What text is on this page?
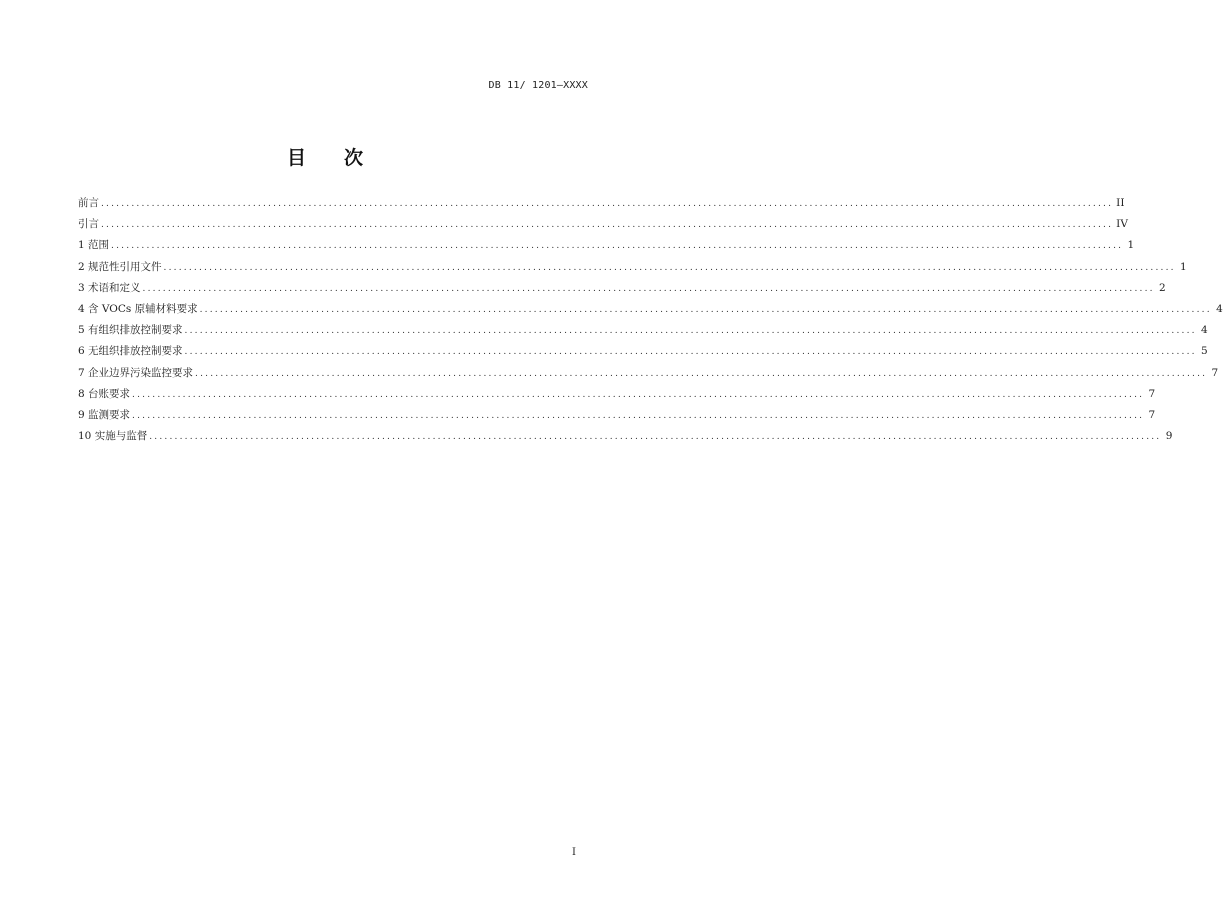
DB 11/ 1201—XXXX
目 次
前言 ........................................................................................................................................................................................................ II
引言 ........................................................................................................................................................................................................ IV
1 范围 ........................................................................................................................................................................................................ 1
2 规范性引用文件 ........................................................................................................................................................................................................ 1
3 术语和定义 ........................................................................................................................................................................................................ 2
4 含 VOCs 原辅材料要求 ........................................................................................................................................................................................................ 4
5 有组织排放控制要求 ........................................................................................................................................................................................................ 4
6 无组织排放控制要求 ........................................................................................................................................................................................................ 5
7 企业边界污染监控要求 ........................................................................................................................................................................................................ 7
8 台账要求 ........................................................................................................................................................................................................ 7
9 监测要求 ........................................................................................................................................................................................................ 7
10 实施与监督 ........................................................................................................................................................................................................ 9
I
